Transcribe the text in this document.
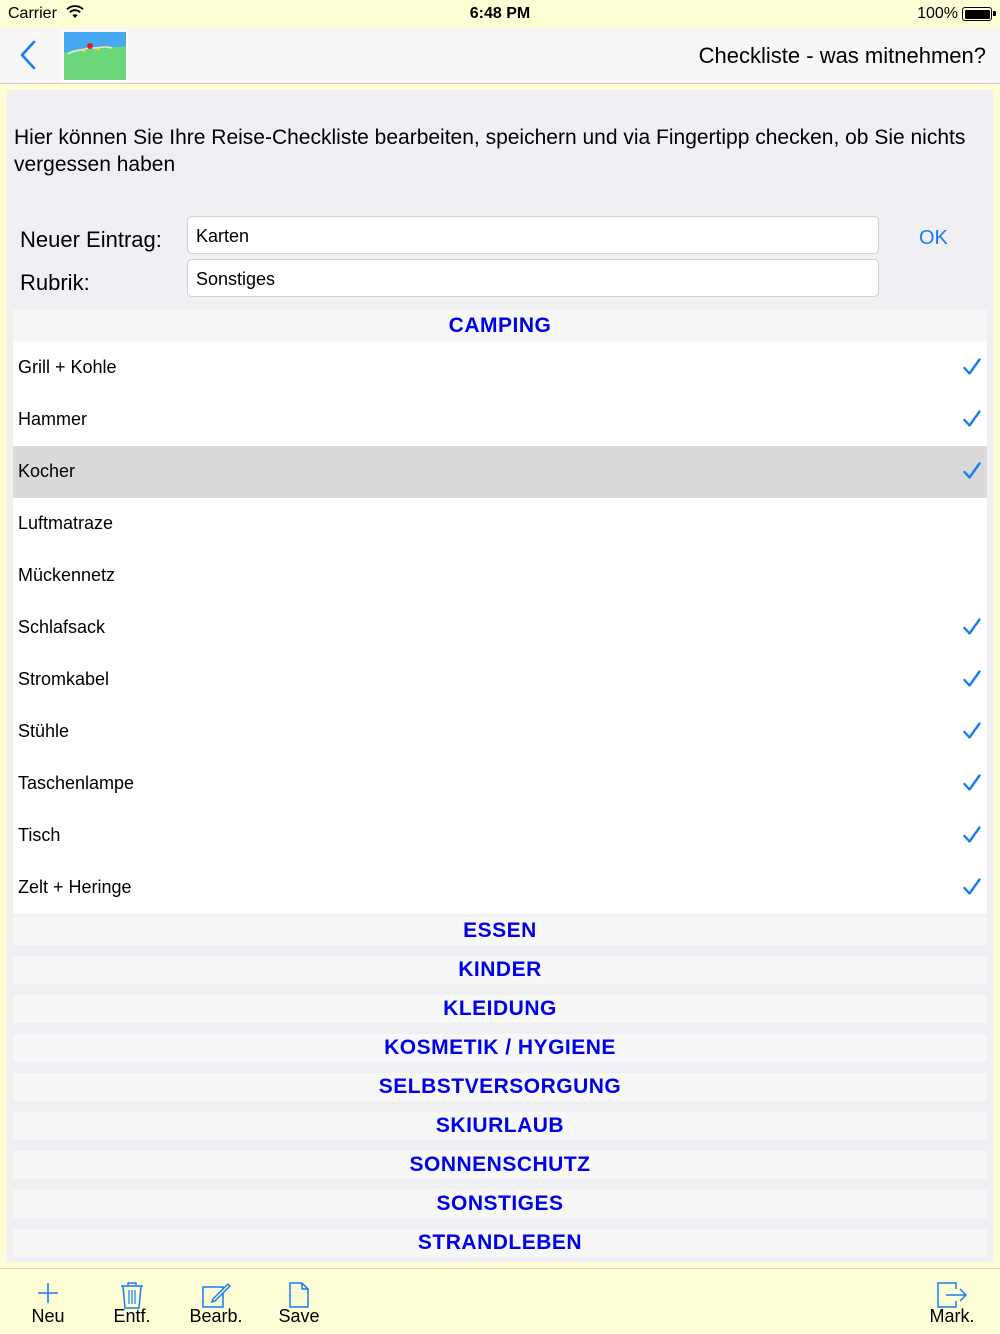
Carrier	6:48 PM	100%
Checkliste - was mitnehmen?
Hier können Sie Ihre Reise-Checkliste bearbeiten, speichern und via Fingertipp checken, ob Sie nichts vergessen haben
Neuer Eintrag:	Karten	OK
Rubrik:	Sonstiges
CAMPING
Grill + Kohle
Hammer
Kocher
Luftmatraze
Mückennetz
Schlafsack
Stromkabel
Stühle
Taschenlampe
Tisch
Zelt + Heringe
ESSEN
KINDER
KLEIDUNG
KOSMETIK / HYGIENE
SELBSTVERSORGUNG
SKIURLAUB
SONNENSCHUTZ
SONSTIGES
STRANDLEBEN
Neu	Entf.	Bearb. Save	Mark.
